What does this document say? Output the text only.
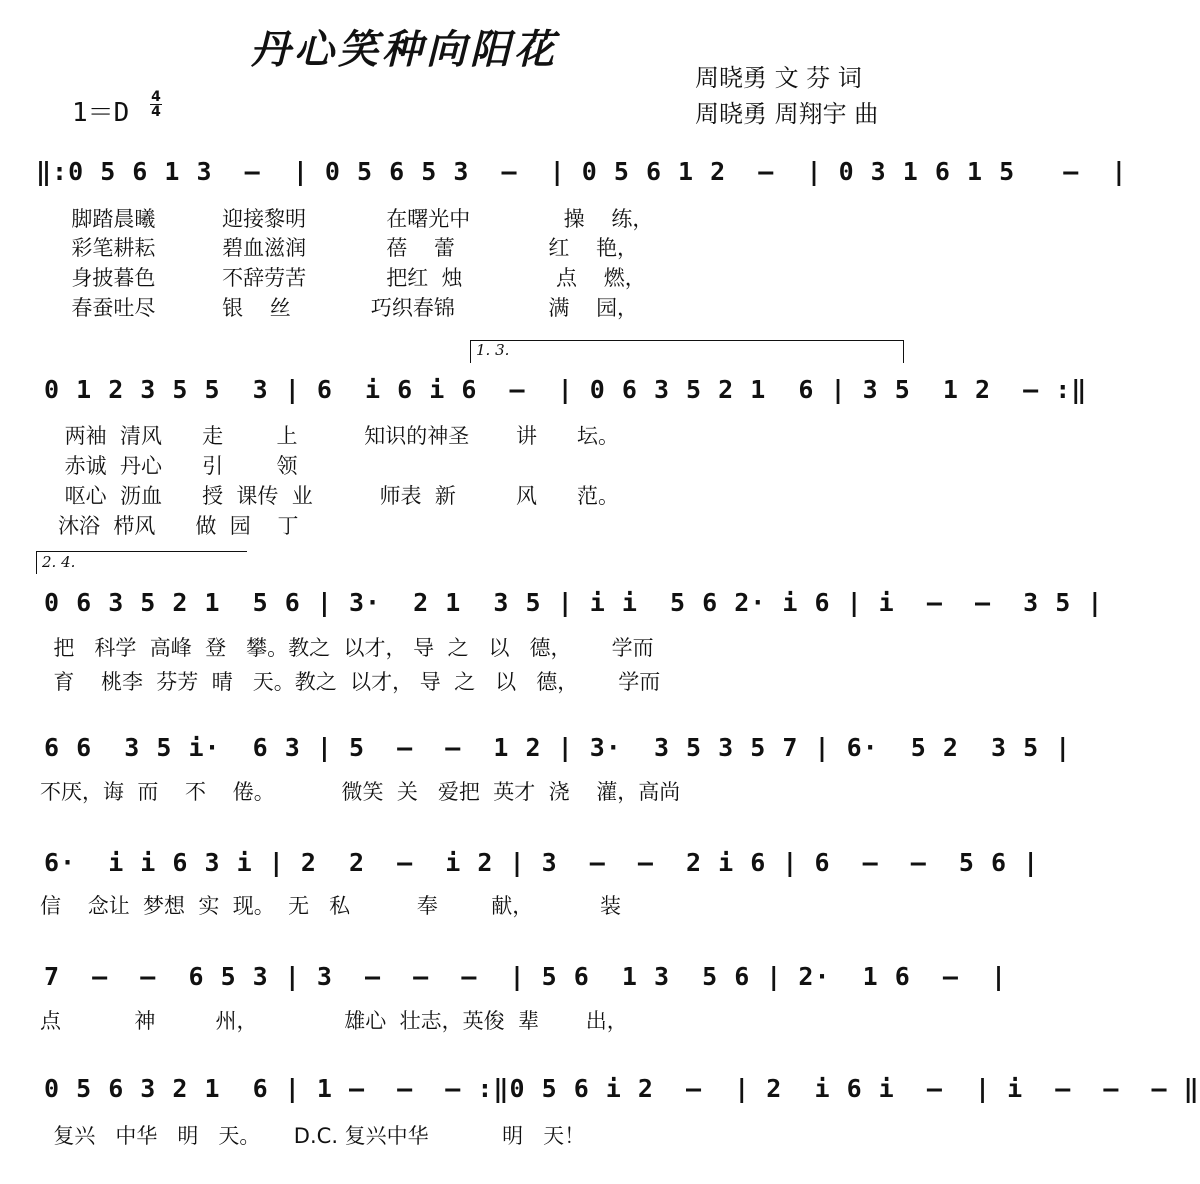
丹心笑种向阳花
周晓勇 文 芬 词
周晓勇 周翔宇 曲
1＝D
4
4
‖:0 5 6 1 3  —  | 0 5 6 5 3  —  | 0 5 6 1 2  —  | 0 3 1 6 1 5   —  |
脚踏晨曦          迎接黎明            在曙光中              操    练，
彩笔耕耘          碧血滋润            蓓    蕾              红    艳，
身披暮色          不辞劳苦            把红  烛              点    燃，
春蚕吐尽          银    丝            巧织春锦              满    园，
1. 3.
0 1 2 3 5 5  3 | 6  i 6 i 6  —  | 0 6 3 5 2 1  6 | 3 5  1 2  — :‖
两袖  清风      走        上          知识的神圣       讲      坛。
赤诚  丹心      引        领
呕心  沥血      授  课传  业          师表  新         风      范。
沐浴  栉风      做  园    丁
2. 4.
0 6 3 5 2 1  5 6 | 3·  2 1  3 5 | i i  5 6 2· i 6 | i  —  —  3 5 |
把   科学  高峰  登   攀。教之  以才， 导  之   以   德，      学而
育    桃李  芬芳  晴   天。教之  以才， 导  之   以   德，      学而
6 6  3 5 i·  6 3 | 5  —  —  1 2 | 3·  3 5 3 5 7 | 6·  5 2  3 5 |
不厌，诲  而    不    倦。          微笑  关   爱把  英才  浇    灌，高尚
6·  i i 6 3 i | 2  2  —  i 2 | 3  —  —  2 i 6 | 6  —  —  5 6 |
信    念让  梦想  实  现。  无   私          奉        献，          装
7  —  —  6 5 3 | 3  —  —  —  | 5 6  1 3  5 6 | 2·  1 6  —  |
点           神         州，             雄心  壮志，英俊  辈       出，
0 5 6 3 2 1  6 | 1 —  —  — :‖0 5 6 i 2  —  | 2  i 6 i  —  | i  —  —  — ‖
复兴   中华   明   天。     D.C. 复兴中华           明   天！
